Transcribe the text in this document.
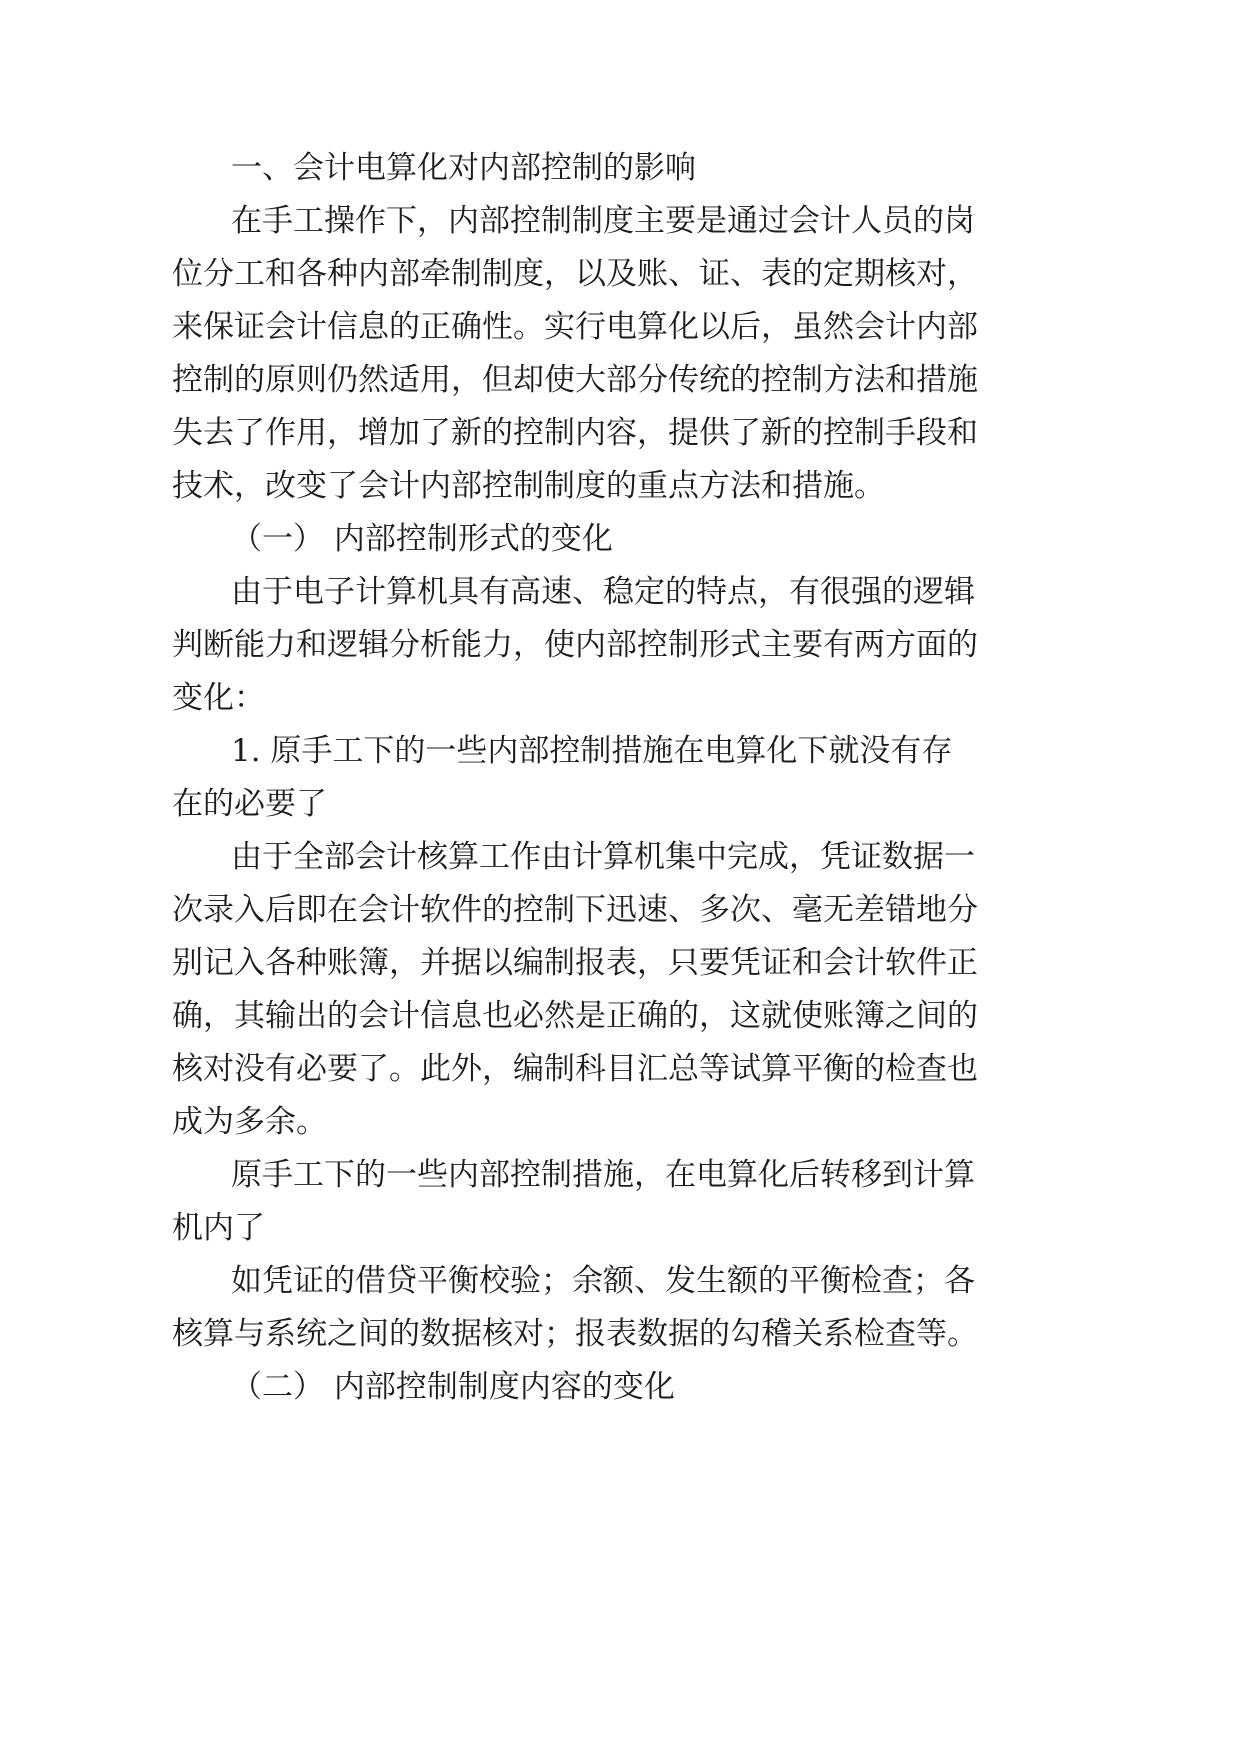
一、会计电算化对内部控制的影响

在手工操作下，内部控制制度主要是通过会计人员的岗

位分工和各种内部牵制制度，以及账、证、表的定期核对，

来保证会计信息的正确性。实行电算化以后，虽然会计内部

控制的原则仍然适用，但却使大部分传统的控制方法和措施

失去了作用，增加了新的控制内容，提供了新的控制手段和

技术，改变了会计内部控制制度的重点方法和措施。

（一） 内部控制形式的变化

由于电子计算机具有高速、稳定的特点，有很强的逻辑

判断能力和逻辑分析能力，使内部控制形式主要有两方面的

变化：

1. 原手工下的一些内部控制措施在电算化下就没有存

在的必要了

由于全部会计核算工作由计算机集中完成，凭证数据一

次录入后即在会计软件的控制下迅速、多次、毫无差错地分

别记入各种账簿，并据以编制报表，只要凭证和会计软件正

确，其输出的会计信息也必然是正确的，这就使账簿之间的

核对没有必要了。此外，编制科目汇总等试算平衡的检查也

成为多余。

原手工下的一些内部控制措施，在电算化后转移到计算

机内了

如凭证的借贷平衡校验；余额、发生额的平衡检查；各

核算与系统之间的数据核对；报表数据的勾稽关系检查等。

（二） 内部控制制度内容的变化
